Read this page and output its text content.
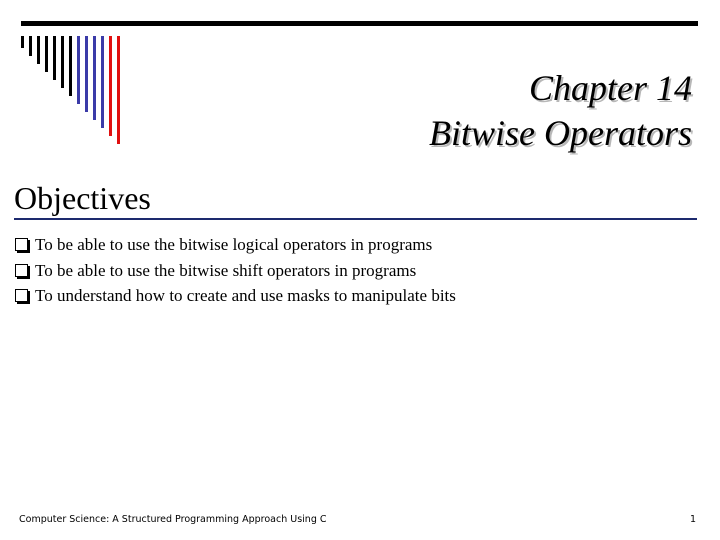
Chapter 14
Bitwise Operators
Objectives
To be able to use the bitwise logical operators in programs
To be able to use the bitwise shift operators in programs
To understand how to create and use masks to manipulate bits
Computer Science: A Structured Programming Approach Using C	1
